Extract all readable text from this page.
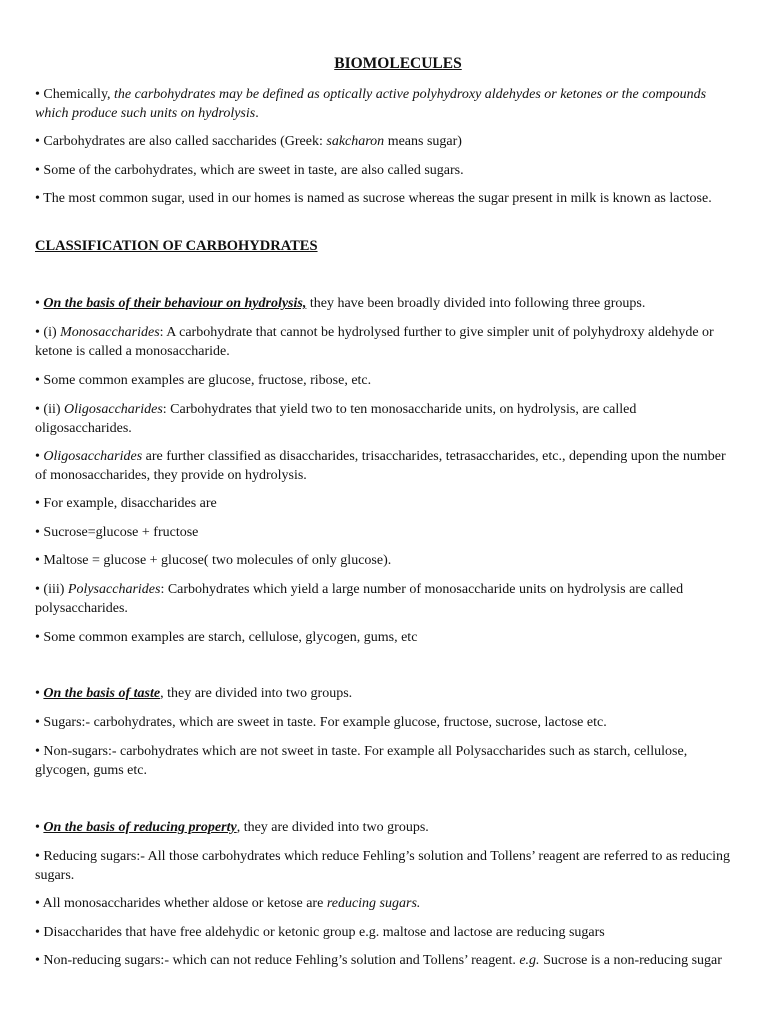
BIOMOLECULES

• Chemically, the carbohydrates may be defined as optically active polyhydroxy aldehydes or ketones or the compounds which produce such units on hydrolysis.

• Carbohydrates are also called saccharides (Greek: sakcharon means sugar)

• Some of the carbohydrates, which are sweet in taste, are also called sugars.

• The most common sugar, used in our homes is named as sucrose whereas the sugar present in milk is known as lactose.

CLASSIFICATION OF CARBOHYDRATES

• On the basis of their behaviour on hydrolysis, they have been broadly divided into following three groups.

• (i) Monosaccharides: A carbohydrate that cannot be hydrolysed further to give simpler unit of polyhydroxy aldehyde or ketone is called a monosaccharide.

• Some common examples are glucose, fructose, ribose, etc.

• (ii) Oligosaccharides: Carbohydrates that yield two to ten monosaccharide units, on hydrolysis, are called oligosaccharides.

• Oligosaccharides are further classified as disaccharides, trisaccharides, tetrasaccharides, etc., depending upon the number of monosaccharides, they provide on hydrolysis.

• For example, disaccharides are

• Sucrose=glucose + fructose

• Maltose = glucose + glucose( two molecules of only glucose).

• (iii) Polysaccharides: Carbohydrates which yield a large number of monosaccharide units on hydrolysis are called polysaccharides.

• Some common examples are starch, cellulose, glycogen, gums, etc

• On the basis of taste, they are divided into two groups.

• Sugars:- carbohydrates, which are sweet in taste. For example glucose, fructose, sucrose, lactose etc.

• Non-sugars:- carbohydrates which are not sweet in taste. For example all Polysaccharides such as starch, cellulose, glycogen, gums etc.

• On the basis of reducing property, they are divided into two groups.

• Reducing sugars:- All those carbohydrates which reduce Fehling’s solution and Tollens’ reagent are referred to as reducing sugars.

• All monosaccharides whether aldose or ketose are reducing sugars.

• Disaccharides that have free aldehydic or ketonic group e.g. maltose and lactose are reducing sugars

• Non-reducing sugars:- which can not reduce Fehling’s solution and Tollens’ reagent. e.g. Sucrose is a non-reducing sugar
